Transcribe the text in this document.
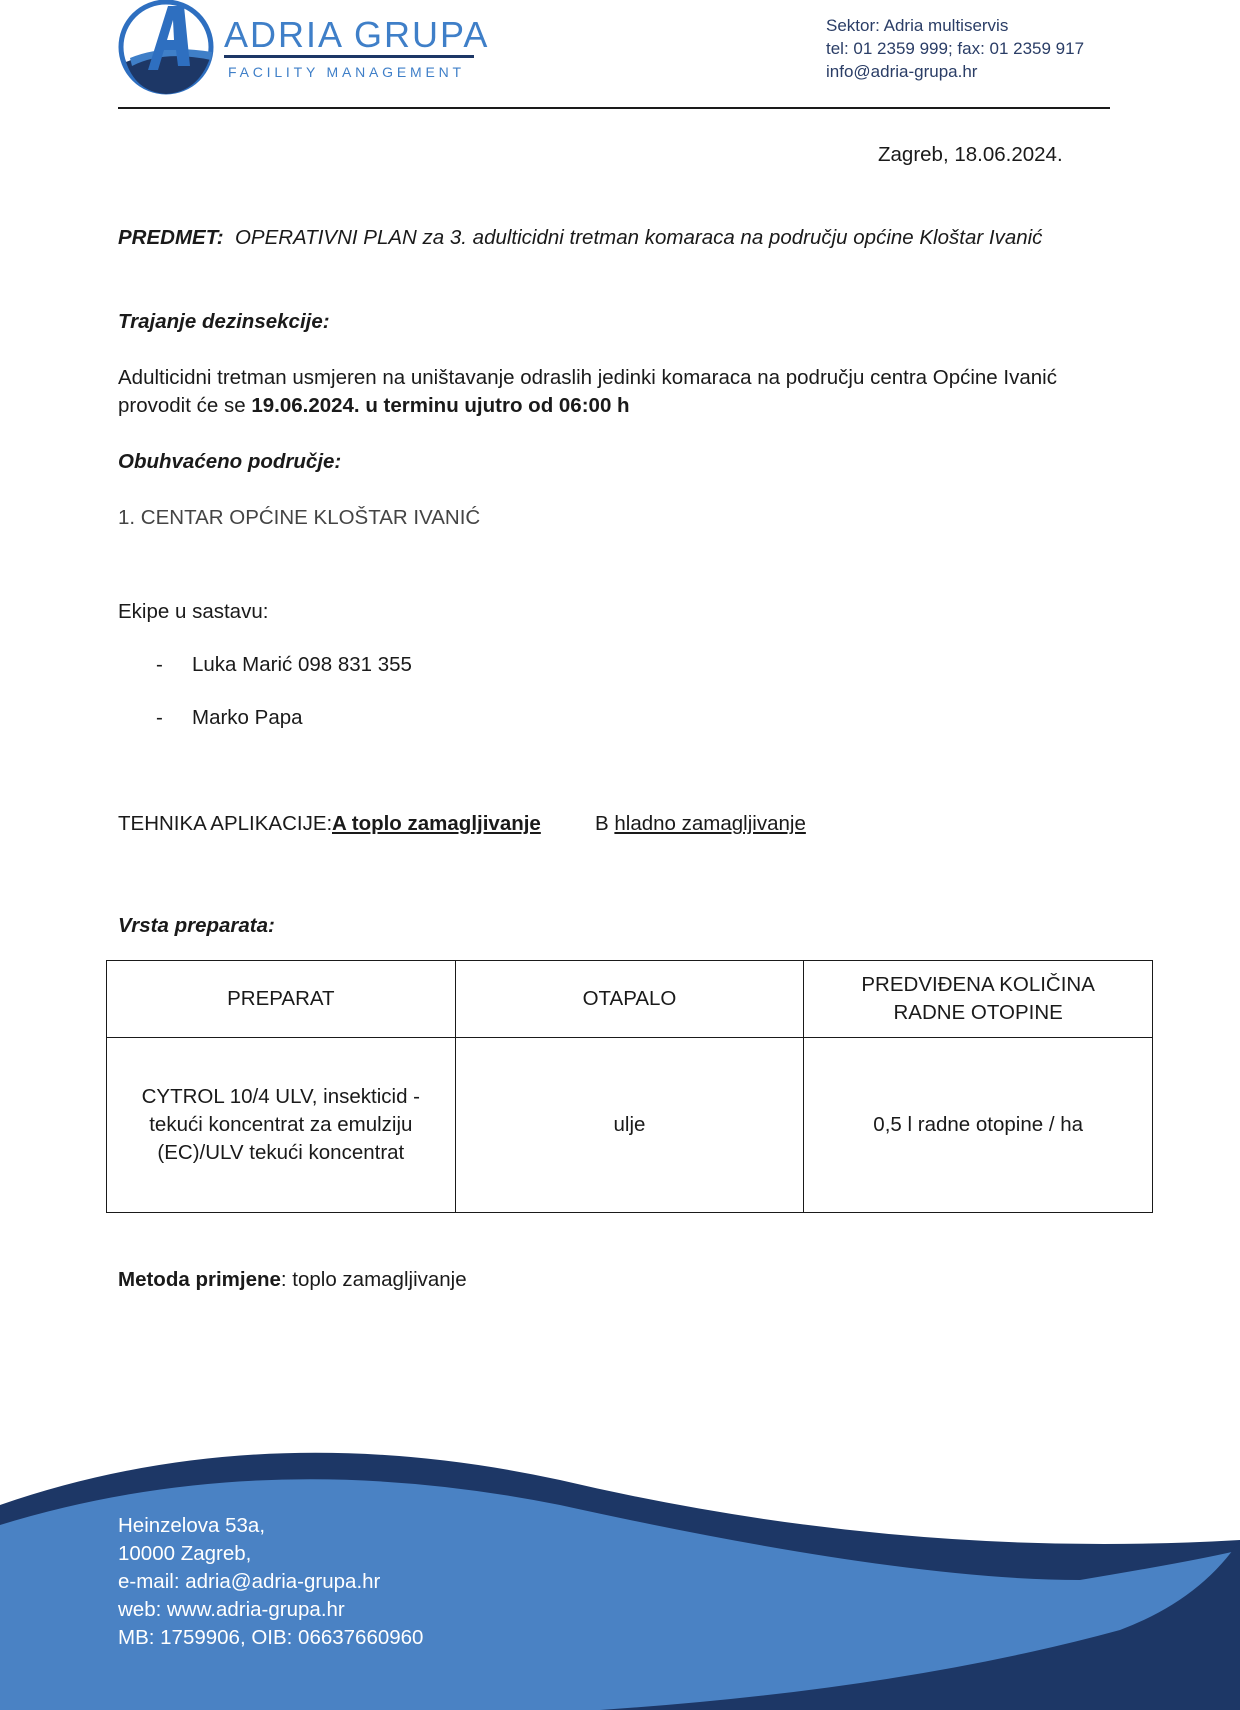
ADRIA GRUPA
FACILITY MANAGEMENT
Sektor: Adria multiservis
tel: 01 2359 999; fax: 01 2359 917
info@adria-grupa.hr
Zagreb, 18.06.2024.
PREDMET: OPERATIVNI PLAN za 3. adulticidni tretman komaraca na području općine Kloštar Ivanić
Trajanje dezinsekcije:
Adulticidni tretman usmjeren na uništavanje odraslih jedinki komaraca na području centra Općine Ivanić
provodit će se 19.06.2024. u terminu ujutro od 06:00 h
Obuhvaćeno područje:
1. CENTAR OPĆINE KLOŠTAR IVANIĆ
Ekipe u sastavu:
- Luka Marić 098 831 355
- Marko Papa
TEHNIKA APLIKACIJE: A toplo zamagljivanje	B hladno zamagljivanje
Vrsta preparata:
PREPARAT	OTAPALO	PREDVIĐENA KOLIČINA RADNE OTOPINE
CYTROL 10/4 ULV, insekticid - tekući koncentrat za emulziju (EC)/ULV tekući koncentrat	ulje	0,5 l radne otopine / ha
Metoda primjene: toplo zamagljivanje
Heinzelova 53a,
10000 Zagreb,
e-mail: adria@adria-grupa.hr
web: www.adria-grupa.hr
MB: 1759906, OIB: 06637660960
